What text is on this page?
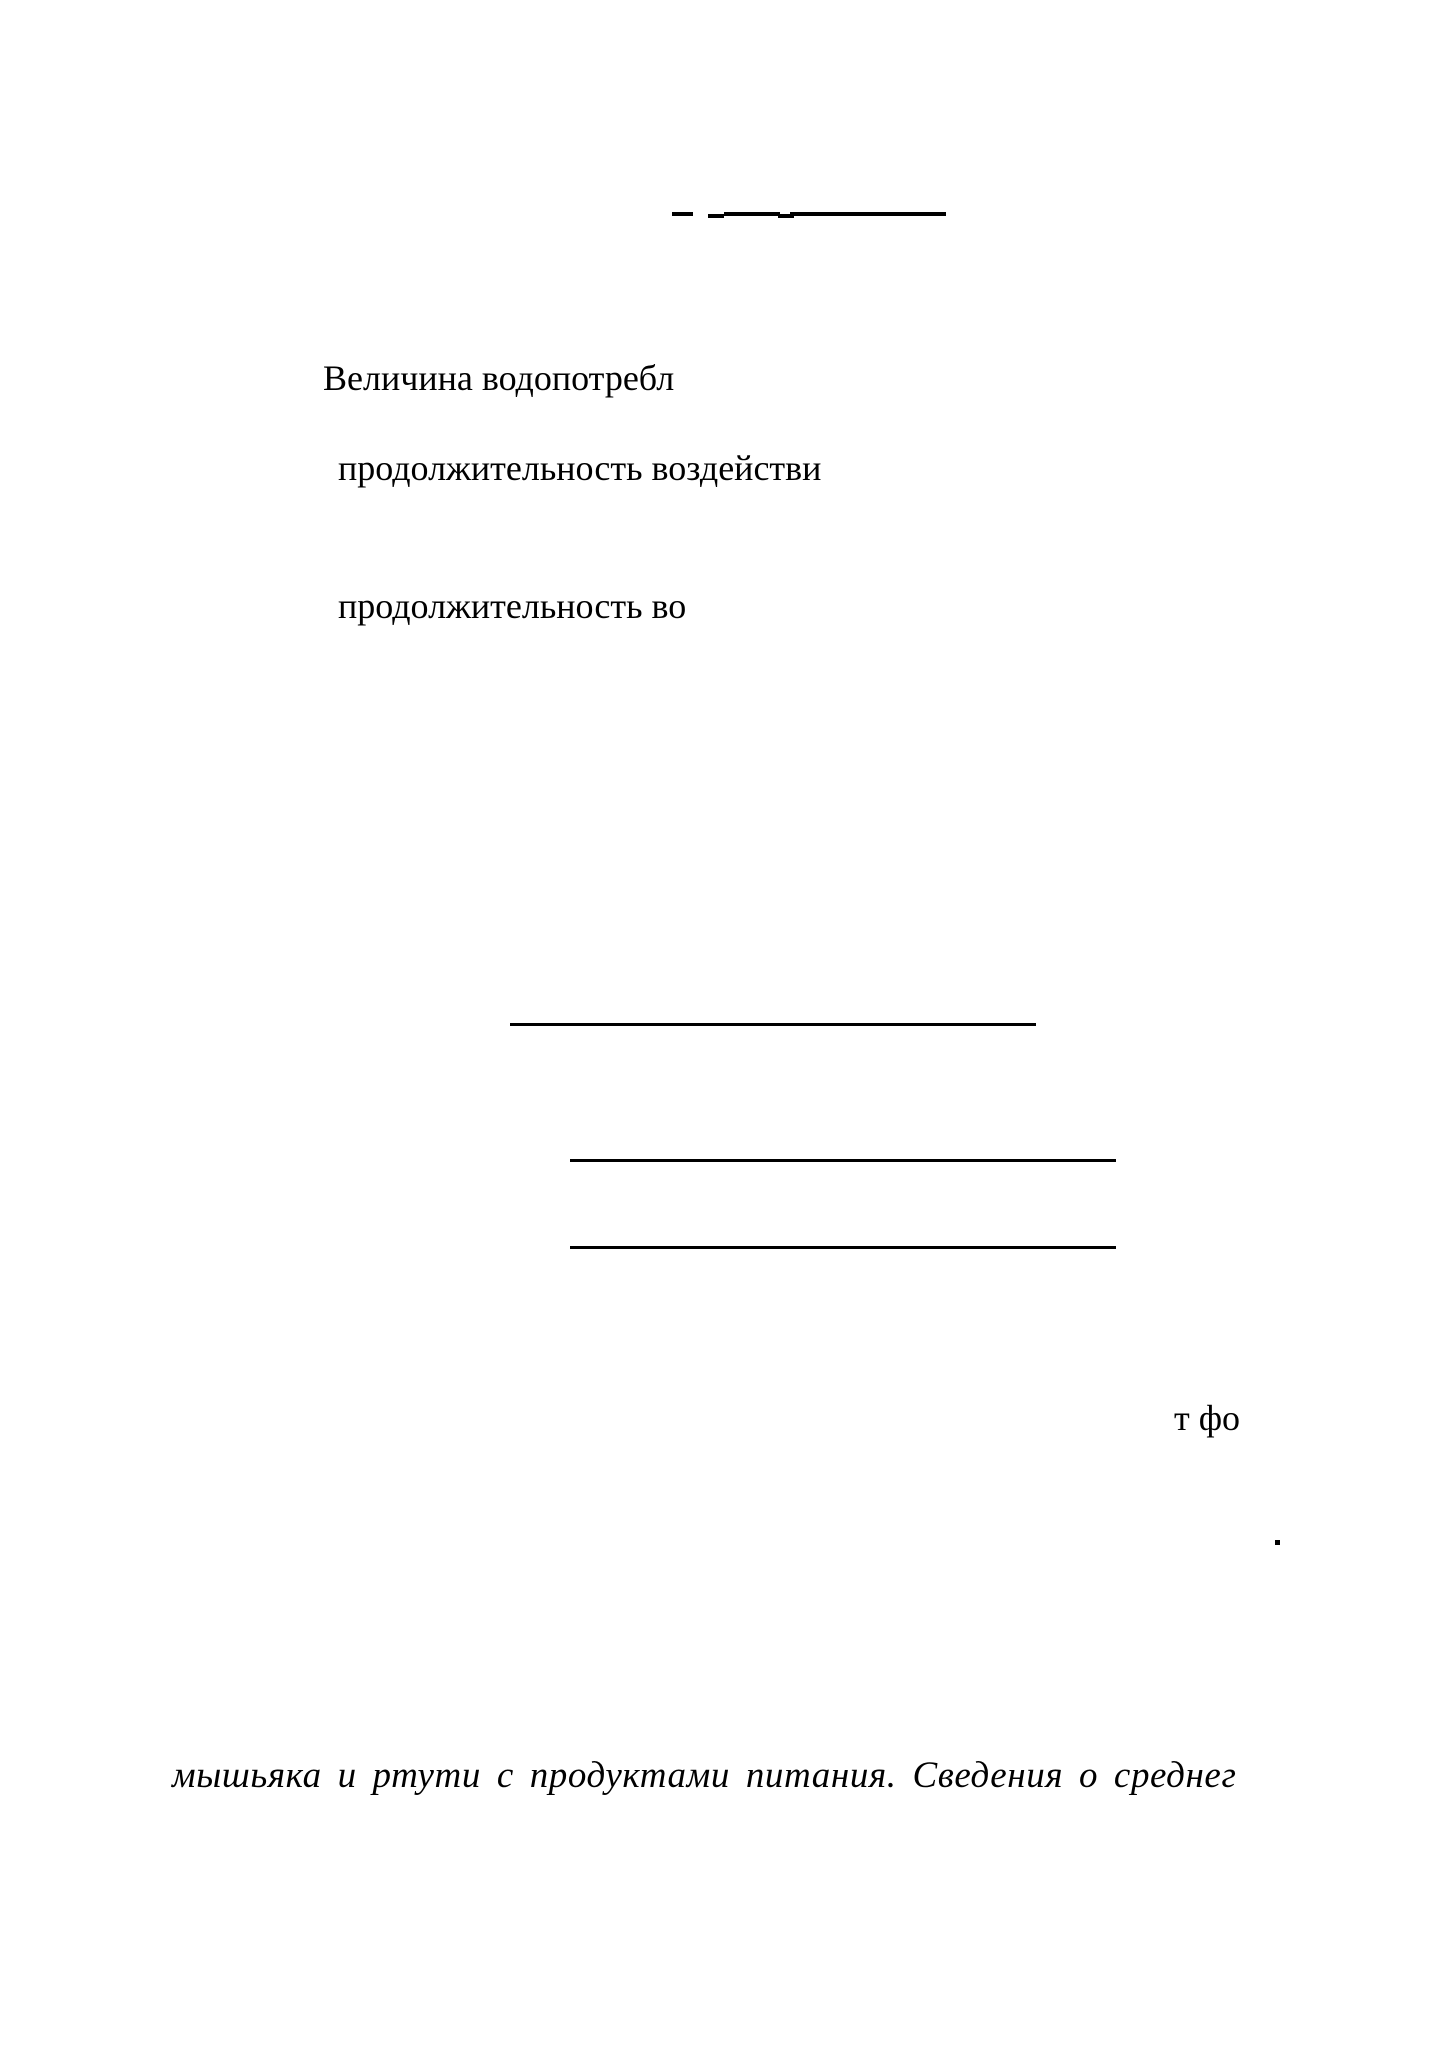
Величина водопотребл
продолжительность воздействи
продолжительность во
т фо
мышьяка и ртути с продуктами питания. Сведения о среднег
